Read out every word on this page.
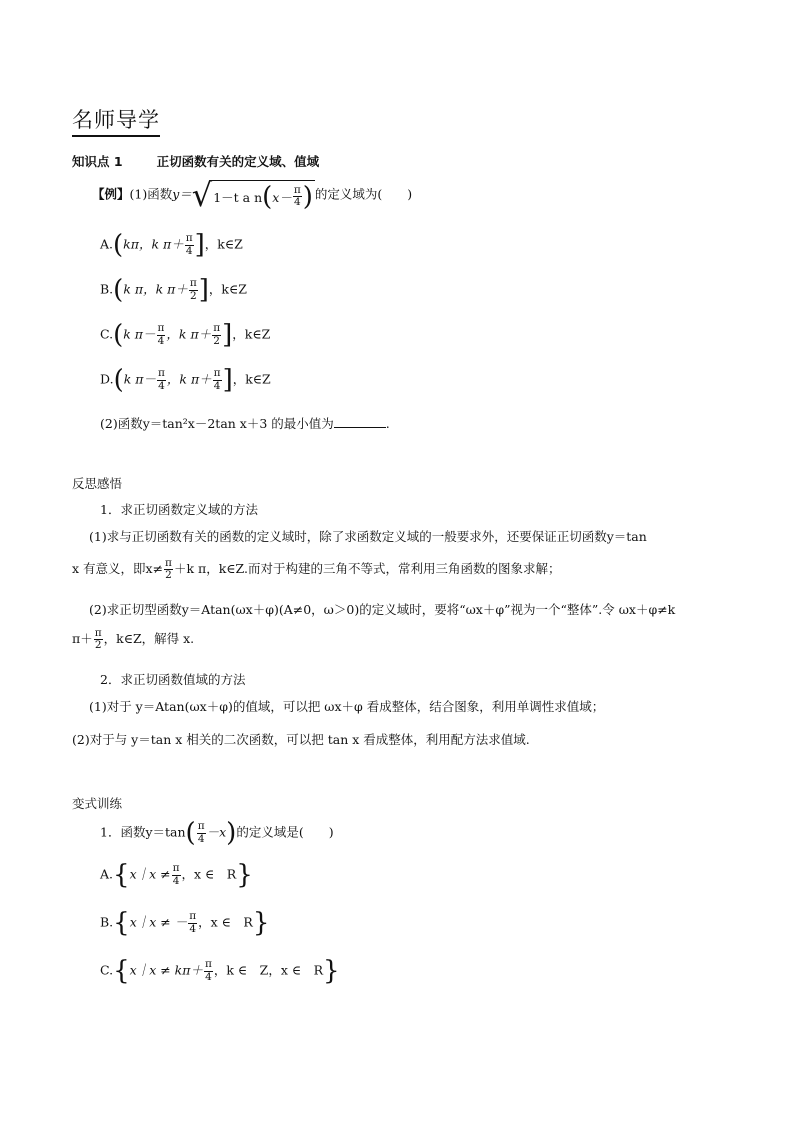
名师导学
知识点 1	正切函数有关的定义域、值域
【例】(1)函数y＝ √ 1－t a n ( $x- \frac{\pi}{4}$ ) 的定义域为(　　)
A.(kπ，k $\pi+ \frac{\pi}{4}$ ]，k∈Z
B.(k π，k $\pi+ \frac{\pi}{2}$ ]，k∈Z
C.(k $\pi- \frac{\pi}{4}$ ，k $\pi+ \frac{\pi}{2}$ ]，k∈Z
D.(k $\pi- \frac{\pi}{4}$ ，k $\pi+ \frac{\pi}{4}$ ]，k∈Z
(2)函数y＝tan²x－2tan x＋3 的最小值为	.
反思感悟
1．求正切函数定义域的方法
(1)求与正切函数有关的函数的定义域时，除了求函数定义域的一般要求外，还要保证正切函数y＝tan
x 有意义，即$x\ne \frac{\pi}{2} +k$ π，k∈Z.而对于构建的三角不等式，常利用三角函数的图象求解；
(2)求正切型函数y＝Atan(ωx＋φ)(A≠0，ω＞0)的定义域时，要将“ωx＋φ”视为一个“整体”.令 ωx＋φ≠k
$\pi+ \frac{\pi}{2}$ ，k∈Z，解得 x.
2．求正切函数值域的方法
(1)对于 y＝Atan(ωx＋φ)的值域，可以把 ωx＋φ 看成整体，结合图象，利用单调性求值域；
(2)对于与 y＝tan x 相关的二次函数，可以把 tan x 看成整体，利用配方法求值域.
变式训练
1．函数$y=\tan( \frac{\pi}{4} -x)$的定义域是(　　)
A.{x｜x ≠ $\frac{\pi}{4}$ ，x ∈　R}
B.{x｜x ≠ － $\frac{\pi}{4}$ ，x ∈　R}
C.{x｜x ≠ $k\pi+ \frac{\pi}{4}$ ，k ∈　Z，x ∈　R}
